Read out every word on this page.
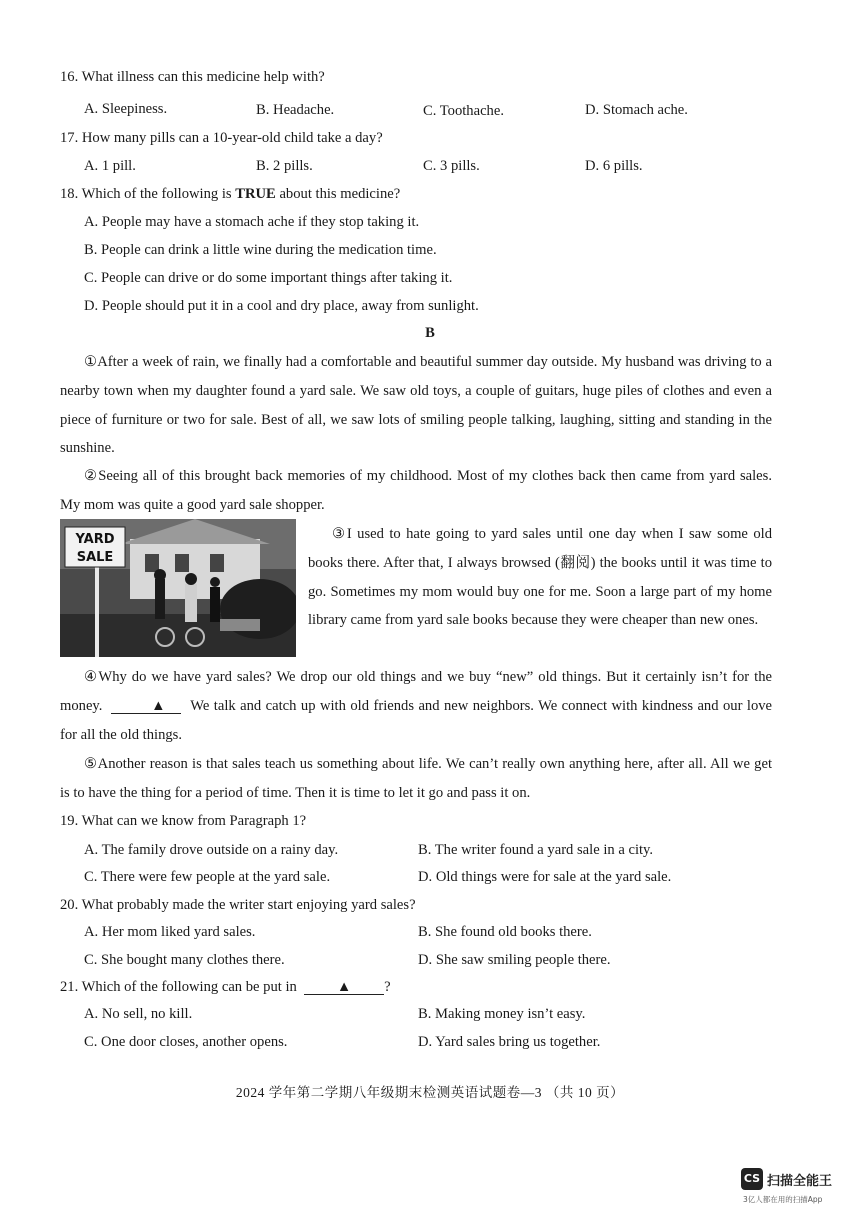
16. What illness can this medicine help with?
A. Sleepiness.	B. Headache.	C. Toothache.	D. Stomach ache.
17. How many pills can a 10-year-old child take a day?
A. 1 pill.	B. 2 pills.	C. 3 pills.	D. 6 pills.
18. Which of the following is TRUE about this medicine?
A. People may have a stomach ache if they stop taking it.
B. People can drink a little wine during the medication time.
C. People can drive or do some important things after taking it.
D. People should put it in a cool and dry place, away from sunlight.
B

①After a week of rain, we finally had a comfortable and beautiful summer day outside. My husband was driving to a nearby town when my daughter found a yard sale. We saw old toys, a couple of guitars, huge piles of clothes and even a piece of furniture or two for sale. Best of all, we saw lots of smiling people talking, laughing, sitting and standing in the sunshine.

②Seeing all of this brought back memories of my childhood. Most of my clothes back then came from yard sales. My mom was quite a good yard sale shopper.

YARD
SALE

③I used to hate going to yard sales until one day when I saw some old books there. After that, I always browsed (翻阅) the books until it was time to go. Sometimes my mom would buy one for me. Soon a large part of my home library came from yard sale books because they were cheaper than new ones.

④Why do we have yard sales? We drop our old things and we buy “new” old things. But it certainly isn’t for the money.	▲ We talk and catch up with old friends and new neighbors. We connect with kindness and our love for all the old things.

⑤Another reason is that sales teach us something about life. We can’t really own anything here, after all. All we get is to have the thing for a period of time. Then it is time to let it go and pass it on.

19. What can we know from Paragraph 1?
A. The family drove outside on a rainy day.	B. The writer found a yard sale in a city.
C. There were few people at the yard sale.	D. Old things were for sale at the yard sale.
20. What probably made the writer start enjoying yard sales?
A. Her mom liked yard sales.	B. She found old books there.
C. She bought many clothes there.	D. She saw smiling people there.
21. Which of the following can be put in	▲ ?
A. No sell, no kill.	B. Making money isn’t easy.
C. One door closes, another opens.	D. Yard sales bring us together.
2024 学年第二学期八年级期末检测英语试题卷—3 （共 10 页）
CS 扫描全能王
3亿人都在用的扫描App
